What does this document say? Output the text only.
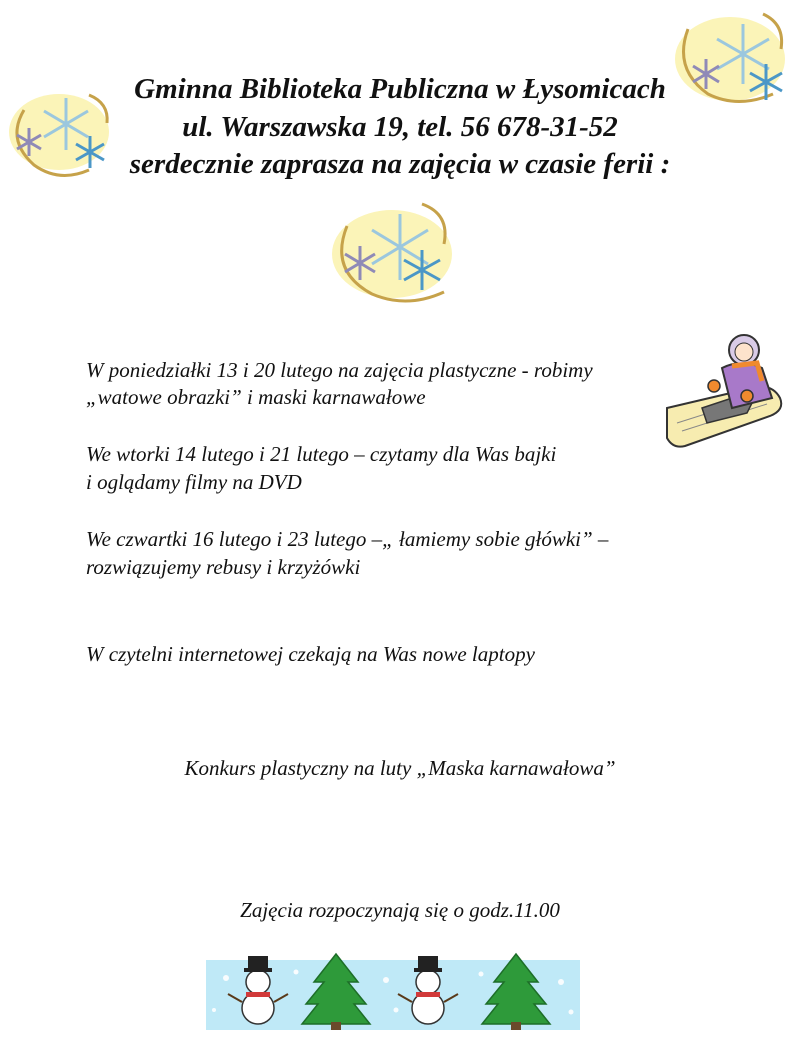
Gminna Biblioteka Publiczna w Łysomicach
ul. Warszawska 19, tel. 56 678-31-52
serdecznie zaprasza na zajęcia w czasie ferii :
W poniedziałki 13 i 20 lutego na zajęcia plastyczne - robimy
„watowe obrazki” i maski karnawałowe
We wtorki 14 lutego i 21 lutego – czytamy dla Was bajki
i oglądamy filmy na DVD
We czwartki 16 lutego i 23 lutego –„ łamiemy sobie główki” –
rozwiązujemy rebusy i krzyżówki
W czytelni internetowej czekają na Was nowe laptopy
Konkurs plastyczny na luty „Maska karnawałowa”
Zajęcia rozpoczynają się o godz.11.00
